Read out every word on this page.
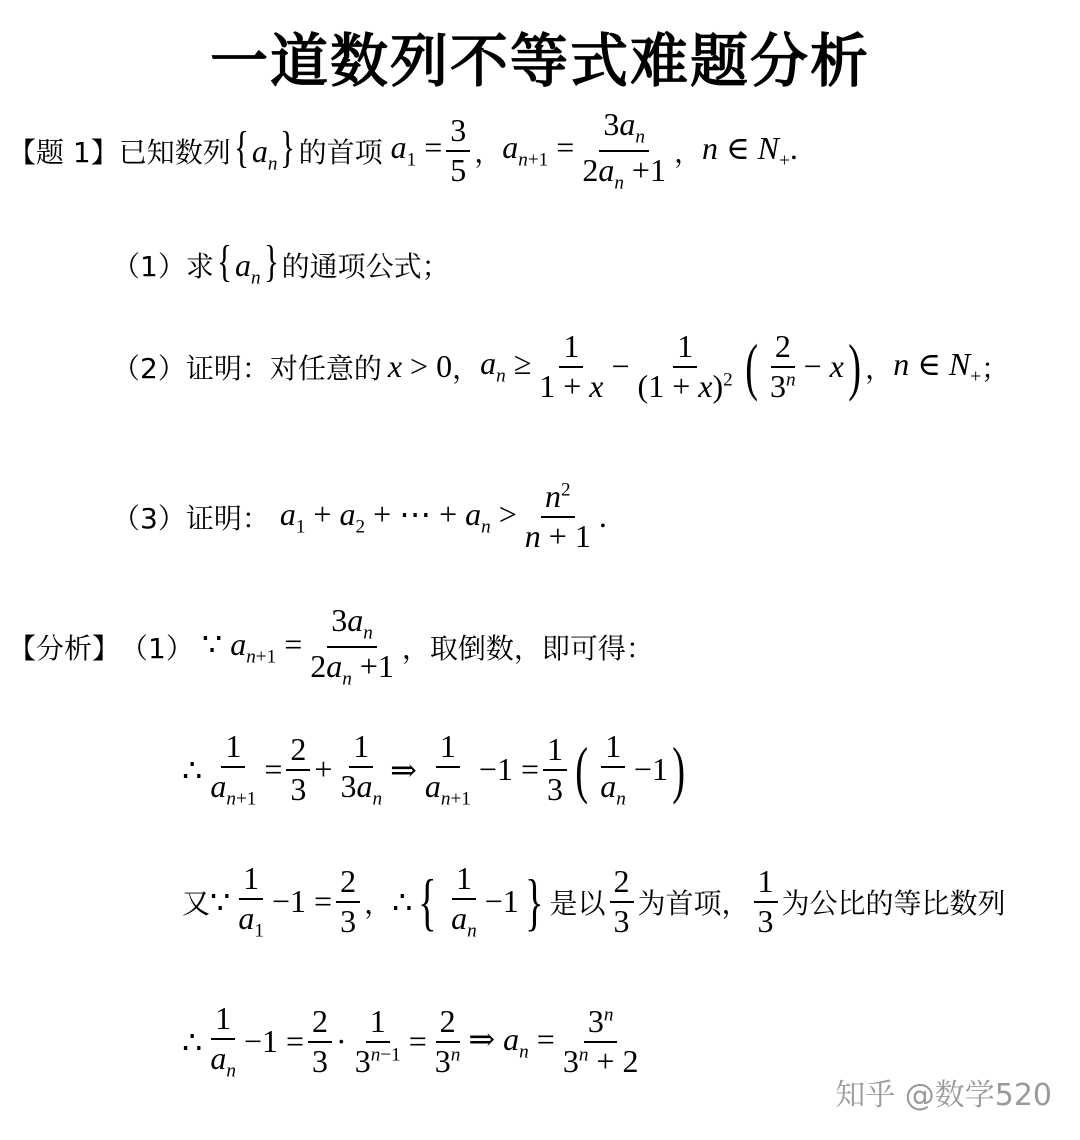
一道数列不等式难题分析
【题 1】 已知数列 $\{a_n\}$ 的首项 $a_1 = \frac{3}{5}$ ， $a_{n+1} = \frac{3a_n}{2a_n +1}$ ， n ∈ $N_+$.
（1）求 $\{a_n\}$ 的通项公式；
（2）证明：对任意的 x > 0 ， $a_n \ge \frac{1}{1 + x} - \frac{1}{(1 + x)^2}$ ( $\frac{2}{3^n} - x$ ) ， n ∈ $N_+$ ；
（3）证明： $a_1 + a_2$ + ⋯ + $a_n > \frac{n^2}{n + 1}$ .
【分析】 （1） ∵ $a_{n+1} = \frac{3a_n}{2a_n +1}$ ，取倒数，即可得：
∴ $\frac{1}{a_{n+1}} = \frac{2}{3} + \frac{1}{3a_n}$ ⇒ $\frac{1}{a_{n+1}} -1 = \frac{1}{3}$ ( $\frac{1}{a_n} -1$ )
又 ∵ $\frac{1}{a_1} -1 = \frac{2}{3}$ ， ∴ { $\frac{1}{a_n} -1$ } 是以 $\frac{2}{3}$ 为首项， $\frac{1}{3}$ 为公比的等比数列
∴ $\frac{1}{a_n} -1 = \frac{2}{3} \cdot \frac{1}{3^{n-1}} = \frac{2}{3^n}$ ⇒ $a_n = \frac{3^n}{3^n + 2}$
知乎 @数学520
